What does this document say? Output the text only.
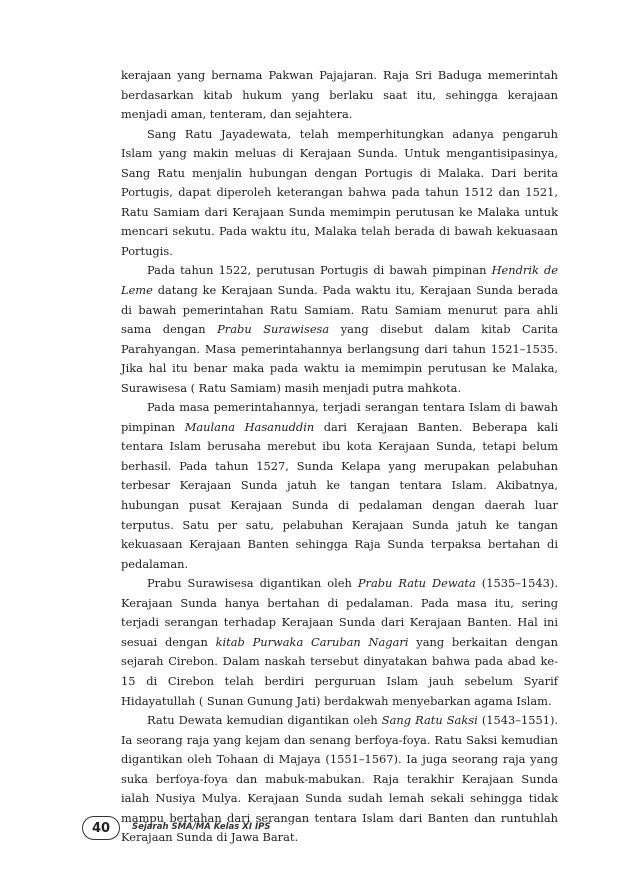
kerajaan yang bernama Pakwan Pajajaran. Raja Sri Baduga memerintah berdasarkan kitab hukum yang berlaku saat itu, sehingga kerajaan menjadi aman, tenteram, dan sejahtera.

Sang Ratu Jayadewata, telah memperhitungkan adanya pengaruh Islam yang makin meluas di Kerajaan Sunda. Untuk mengantisipasinya, Sang Ratu menjalin hubungan dengan Portugis di Malaka. Dari berita Portugis, dapat diperoleh keterangan bahwa pada tahun 1512 dan 1521, Ratu Samiam dari Kerajaan Sunda memimpin perutusan ke Malaka untuk mencari sekutu. Pada waktu itu, Malaka telah berada di bawah kekuasaan Portugis.

Pada tahun 1522, perutusan Portugis di bawah pimpinan Hendrik de Leme datang ke Kerajaan Sunda. Pada waktu itu, Kerajaan Sunda berada di bawah pemerintahan Ratu Samiam. Ratu Samiam menurut para ahli sama dengan Prabu Surawisesa yang disebut dalam kitab Carita Parahyangan. Masa pemerintahannya berlangsung dari tahun 1521–1535. Jika hal itu benar maka pada waktu ia memimpin perutusan ke Malaka, Surawisesa ( Ratu Samiam) masih menjadi putra mahkota.

Pada masa pemerintahannya, terjadi serangan tentara Islam di bawah pimpinan Maulana Hasanuddin dari Kerajaan Banten. Beberapa kali tentara Islam berusaha merebut ibu kota Kerajaan Sunda, tetapi belum berhasil. Pada tahun 1527, Sunda Kelapa yang merupakan pelabuhan terbesar Kerajaan Sunda jatuh ke tangan tentara Islam. Akibatnya, hubungan pusat Kerajaan Sunda di pedalaman dengan daerah luar terputus. Satu per satu, pelabuhan Kerajaan Sunda jatuh ke tangan kekuasaan Kerajaan Banten sehingga Raja Sunda terpaksa bertahan di pedalaman.

Prabu Surawisesa digantikan oleh Prabu Ratu Dewata (1535–1543). Kerajaan Sunda hanya bertahan di pedalaman. Pada masa itu, sering terjadi serangan terhadap Kerajaan Sunda dari Kerajaan Banten. Hal ini sesuai dengan kitab Purwaka Caruban Nagari yang berkaitan dengan sejarah Cirebon. Dalam naskah tersebut dinyatakan bahwa pada abad ke-15 di Cirebon telah berdiri perguruan Islam jauh sebelum Syarif Hidayatullah ( Sunan Gunung Jati) berdakwah menyebarkan agama Islam.

Ratu Dewata kemudian digantikan oleh Sang Ratu Saksi (1543–1551). Ia seorang raja yang kejam dan senang berfoya-foya. Ratu Saksi kemudian digantikan oleh Tohaan di Majaya (1551–1567). Ia juga seorang raja yang suka berfoya-foya dan mabuk-mabukan. Raja terakhir Kerajaan Sunda ialah Nusiya Mulya. Kerajaan Sunda sudah lemah sekali sehingga tidak mampu bertahan dari serangan tentara Islam dari Banten dan runtuhlah Kerajaan Sunda di Jawa Barat.

40	Sejarah SMA/MA Kelas XI IPS
